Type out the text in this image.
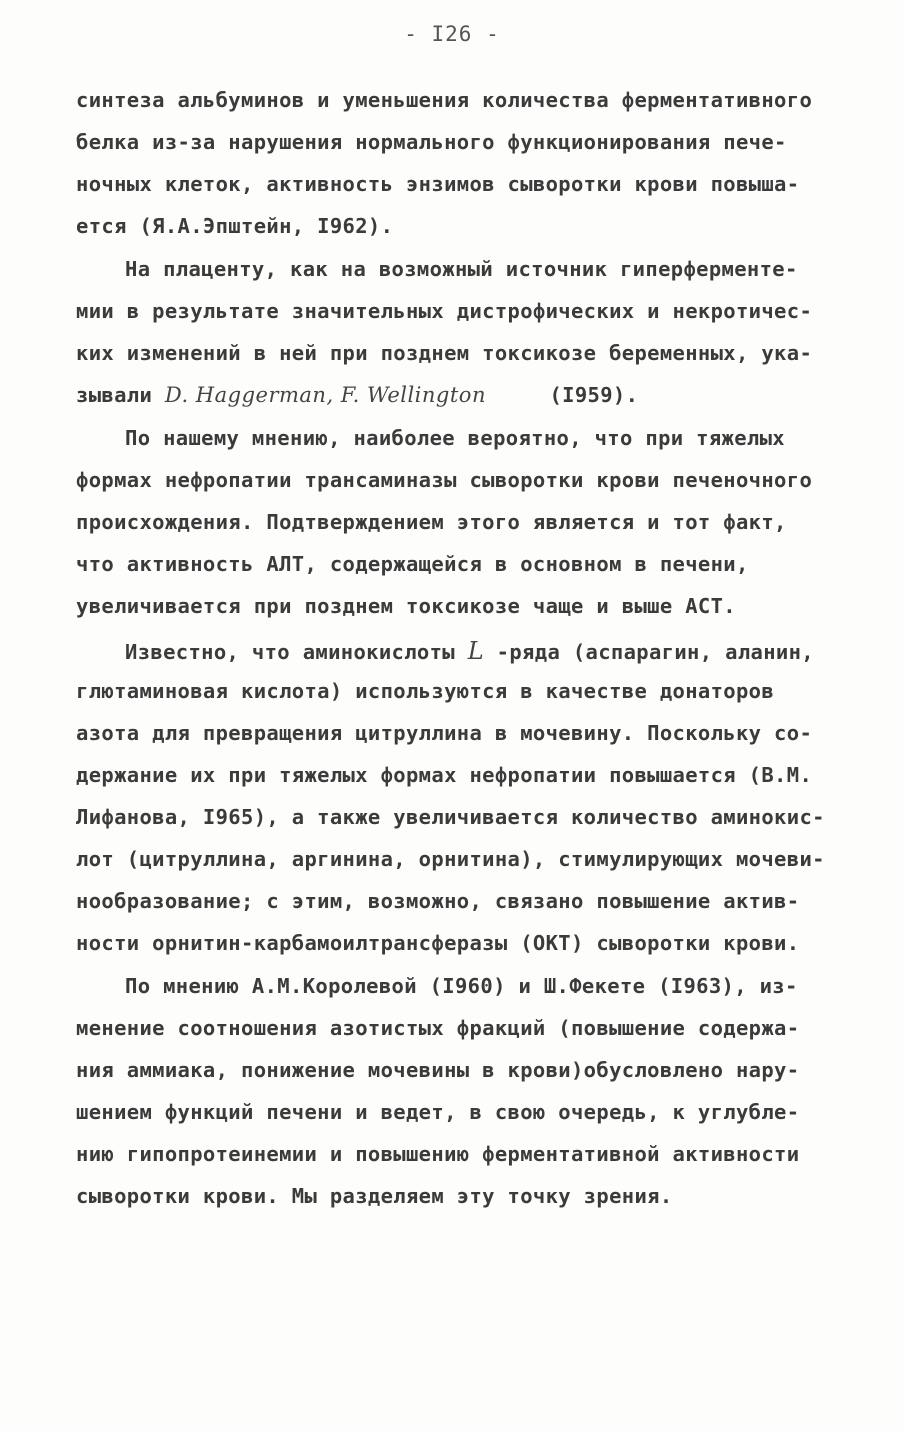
- I26 -
синтеза альбуминов и уменьшения количества ферментативного
белка из-за нарушения нормального функционирования пече-
ночных клеток, активность энзимов сыворотки крови повыша-
ется (Я.А.Эпштейн, I962).
На плаценту, как на возможный источник гиперферменте-
мии в результате значительных дистрофических и некротичес-
ких изменений в ней при позднем токсикозе беременных, ука-
зывали D. Haggerman, F. Wellington	(I959).
По нашему мнению, наиболее вероятно, что при тяжелых
формах нефропатии трансаминазы сыворотки крови печеночного
происхождения. Подтверждением этого является и тот факт,
что активность АЛТ, содержащейся в основном в печени,
увеличивается при позднем токсикозе чаще и выше АСТ.
Известно, что аминокислоты L -ряда (аспарагин, аланин,
глютаминовая кислота) используются в качестве донаторов
азота для превращения цитруллина в мочевину. Поскольку со-
держание их при тяжелых формах нефропатии повышается (В.М.
Лифанова, I965), а также увеличивается количество аминокис-
лот (цитруллина, аргинина, орнитина), стимулирующих мочеви-
нообразование; с этим, возможно, связано повышение актив-
ности орнитин-карбамоилтрансферазы (ОКТ) сыворотки крови.
По мнению А.М.Королевой (I960) и Ш.Фекете (I963), из-
менение соотношения азотистых фракций (повышение содержа-
ния аммиака, понижение мочевины в крови)обусловлено нару-
шением функций печени и ведет, в свою очередь, к углубле-
нию гипопротеинемии и повышению ферментативной активности
сыворотки крови. Мы разделяем эту точку зрения.
